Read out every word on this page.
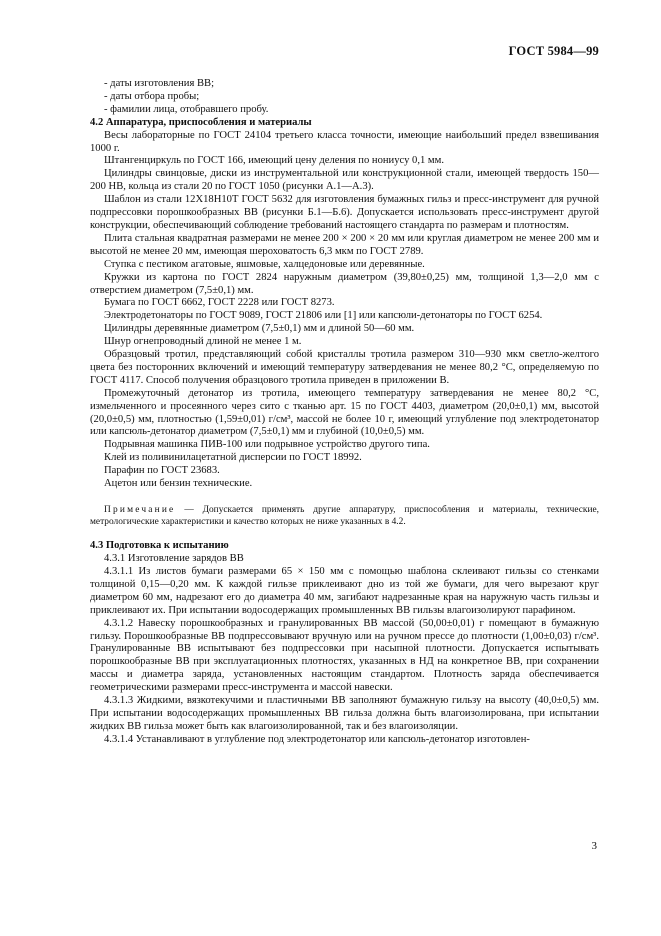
ГОСТ 5984—99

- даты изготовления ВВ;

- даты отбора пробы;

- фамилии лица, отобравшего пробу.

4.2 Аппаратура, приспособления и материалы

Весы лабораторные по ГОСТ 24104 третьего класса точности, имеющие наибольший предел взвешивания 1000 г.

Штангенциркуль по ГОСТ 166, имеющий цену деления по нониусу 0,1 мм.

Цилиндры свинцовые, диски из инструментальной или конструкционной стали, имеющей твердость 150—200 НВ, кольца из стали 20 по ГОСТ 1050 (рисунки А.1—А.3).

Шаблон из стали 12Х18Н10Т ГОСТ 5632 для изготовления бумажных гильз и пресс-инструмент для ручной подпрессовки порошкообразных ВВ (рисунки Б.1—Б.6). Допускается использовать пресс-инструмент другой конструкции, обеспечивающий соблюдение требований настоящего стандарта по размерам и плотностям.

Плита стальная квадратная размерами не менее 200 × 200 × 20 мм или круглая диаметром не менее 200 мм и высотой не менее 20 мм, имеющая шероховатость 6,3 мкм по ГОСТ 2789.

Ступка с пестиком агатовые, яшмовые, халцедоновые или деревянные.

Кружки из картона по ГОСТ 2824 наружным диаметром (39,80±0,25) мм, толщиной 1,3—2,0 мм с отверстием диаметром (7,5±0,1) мм.

Бумага по ГОСТ 6662, ГОСТ 2228 или ГОСТ 8273.

Электродетонаторы по ГОСТ 9089, ГОСТ 21806 или [1] или капсюли-детонаторы по ГОСТ 6254.

Цилиндры деревянные диаметром (7,5±0,1) мм и длиной 50—60 мм.

Шнур огнепроводный длиной не менее 1 м.

Образцовый тротил, представляющий собой кристаллы тротила размером 310—930 мкм светло-желтого цвета без посторонних включений и имеющий температуру затвердевания не менее 80,2 °С, определяемую по ГОСТ 4117. Способ получения образцового тротила приведен в приложении В.

Промежуточный детонатор из тротила, имеющего температуру затвердевания не менее 80,2 °С, измельченного и просеянного через сито с тканью арт. 15 по ГОСТ 4403, диаметром (20,0±0,1) мм, высотой (20,0±0,5) мм, плотностью (1,59±0,01) г/см³, массой не более 10 г, имеющий углубление под электродетонатор или капсюль-детонатор диаметром (7,5±0,1) мм и глубиной (10,0±0,5) мм.

Подрывная машинка ПИВ-100 или подрывное устройство другого типа.

Клей из поливинилацетатной дисперсии по ГОСТ 18992.

Парафин по ГОСТ 23683.

Ацетон или бензин технические.

Примечание — Допускается применять другие аппаратуру, приспособления и материалы, технические, метрологические характеристики и качество которых не ниже указанных в 4.2.
4.3 Подготовка к испытанию

4.3.1 Изготовление зарядов ВВ

4.3.1.1 Из листов бумаги размерами 65 × 150 мм с помощью шаблона склеивают гильзы со стенками толщиной 0,15—0,20 мм. К каждой гильзе приклеивают дно из той же бумаги, для чего вырезают круг диаметром 60 мм, надрезают его до диаметра 40 мм, загибают надрезанные края на наружную часть гильзы и приклеивают их. При испытании водосодержащих промышленных ВВ гильзы влагоизолируют парафином.

4.3.1.2 Навеску порошкообразных и гранулированных ВВ массой (50,00±0,01) г помещают в бумажную гильзу. Порошкообразные ВВ подпрессовывают вручную или на ручном прессе до плотности (1,00±0,03) г/см³. Гранулированные ВВ испытывают без подпрессовки при насыпной плотности. Допускается испытывать порошкообразные ВВ при эксплуатационных плотностях, указанных в НД на конкретное ВВ, при сохранении массы и диаметра заряда, установленных настоящим стандартом. Плотность заряда обеспечивается геометрическими размерами пресс-инструмента и массой навески.

4.3.1.3 Жидкими, вязкотекучими и пластичными ВВ заполняют бумажную гильзу на высоту (40,0±0,5) мм. При испытании водосодержащих промышленных ВВ гильза должна быть влагоизолирована, при испытании жидких ВВ гильза может быть как влагоизолированной, так и без влагоизоляции.

4.3.1.4 Устанавливают в углубление под электродетонатор или капсюль-детонатор изготовлен-

3
